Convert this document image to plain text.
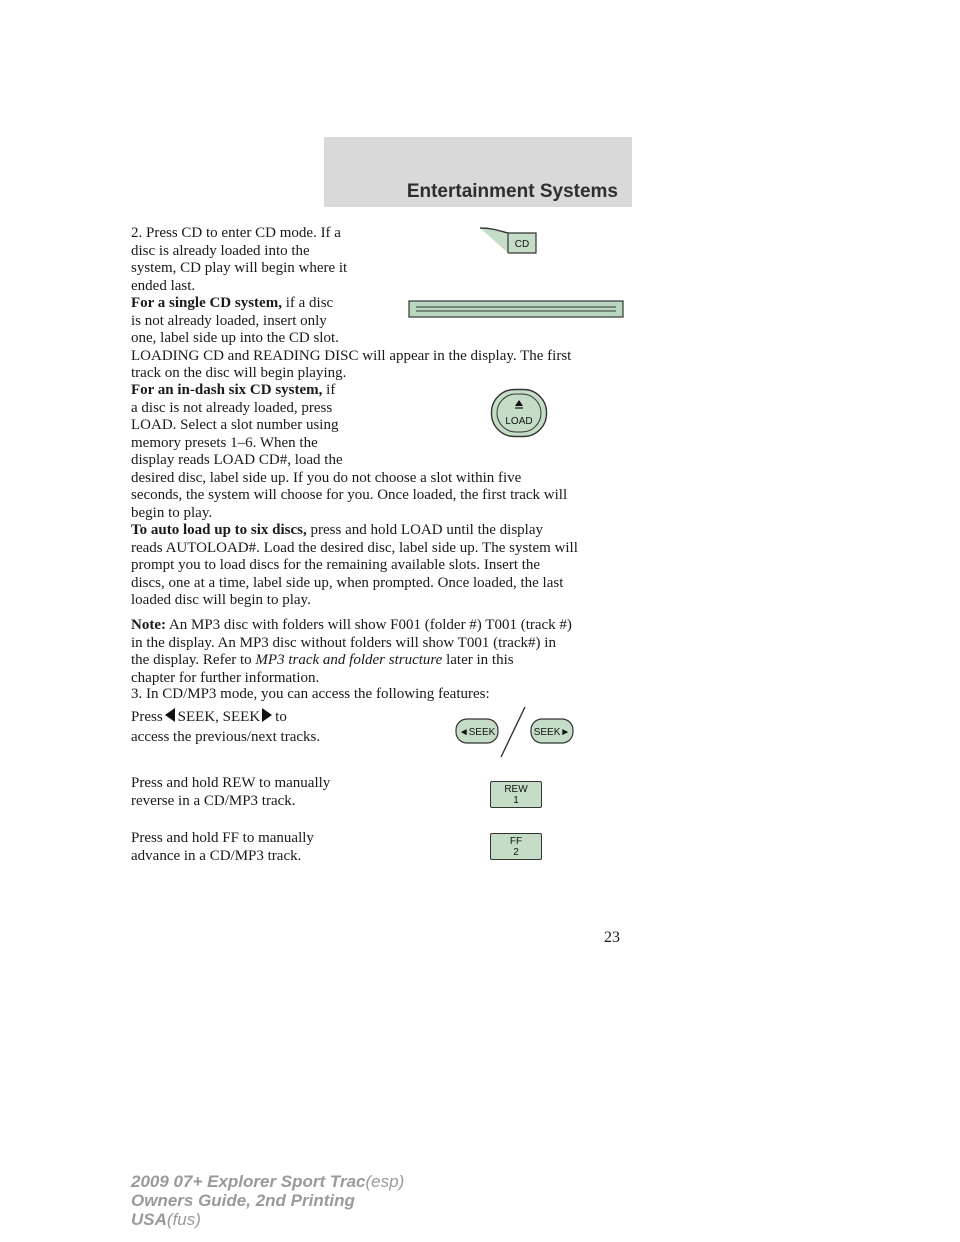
Entertainment Systems

2. Press CD to enter CD mode. If a
disc is already loaded into the
system, CD play will begin where it
ended last.

CD

For a single CD system, if a disc
is not already loaded, insert only
one, label side up into the CD slot.
LOADING CD and READING DISC will appear in the display. The first
track on the disc will begin playing.

For an in-dash six CD system, if
a disc is not already loaded, press
LOAD. Select a slot number using
memory presets 1–6. When the
display reads LOAD CD#, load the
desired disc, label side up. If you do not choose a slot within five
seconds, the system will choose for you. Once loaded, the first track will
begin to play.

LOAD

To auto load up to six discs, press and hold LOAD until the display
reads AUTOLOAD#. Load the desired disc, label side up. The system will
prompt you to load discs for the remaining available slots. Insert the
discs, one at a time, label side up, when prompted. Once loaded, the last
loaded disc will begin to play.

Note: An MP3 disc with folders will show F001 (folder #) T001 (track #)
in the display. An MP3 disc without folders will show T001 (track#) in
the display. Refer to MP3 track and folder structure later in this
chapter for further information.

3. In CD/MP3 mode, you can access the following features:

Press SEEK, SEEK to
access the previous/next tracks.	◄SEEK	SEEK►

Press and hold REW to manually
reverse in a CD/MP3 track.

REW
1

Press and hold FF to manually
advance in a CD/MP3 track.

FF
2
23
2009 07+ Explorer Sport Trac(esp)
Owners Guide, 2nd Printing
USA(fus)
